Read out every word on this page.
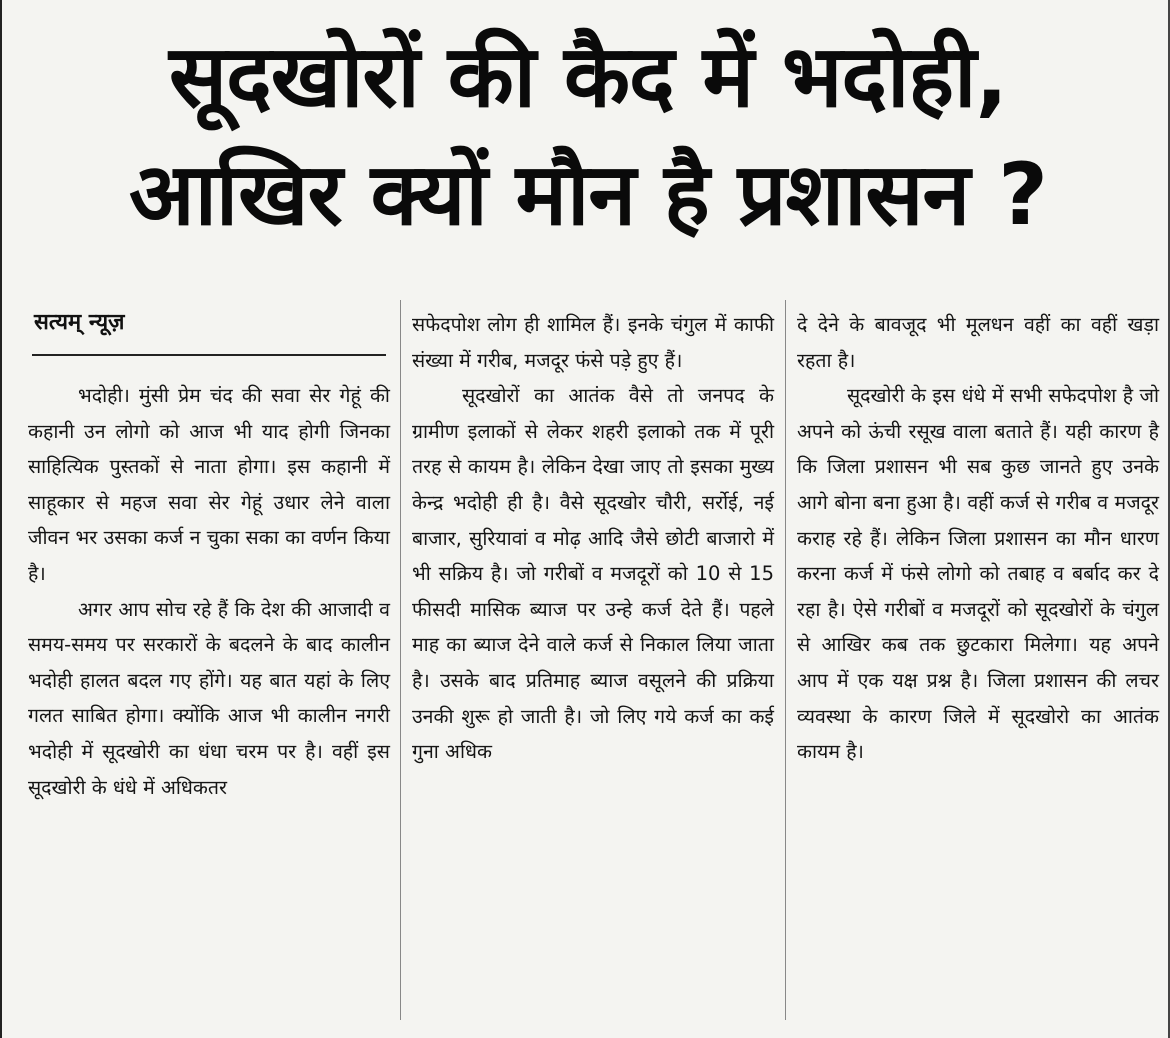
सूदखोरों की कैद में भदोही,
आखिर क्यों मौन है प्रशासन ?
सत्यम् न्यूज़

भदोही। मुंसी प्रेम चंद की सवा सेर गेहूं की कहानी उन लोगो को आज भी याद होगी जिनका साहित्यिक पुस्तकों से नाता होगा। इस कहानी में साहूकार से महज सवा सेर गेहूं उधार लेने वाला जीवन भर उसका कर्ज न चुका सका का वर्णन किया है।

अगर आप सोच रहे हैं कि देश की आजादी व समय-समय पर सरकारों के बदलने के बाद कालीन भदोही हालत बदल गए होंगे। यह बात यहां के लिए गलत साबित होगा। क्योंकि आज भी कालीन नगरी भदोही में सूदखोरी का धंधा चरम पर है। वहीं इस सूदखोरी के धंधे में अधिकतर

सफेदपोश लोग ही शामिल हैं। इनके चंगुल में काफी संख्या में गरीब, मजदूर फंसे पड़े हुए हैं।

सूदखोरों का आतंक वैसे तो जनपद के ग्रामीण इलाकों से लेकर शहरी इलाको तक में पूरी तरह से कायम है। लेकिन देखा जाए तो इसका मुख्य केन्द्र भदोही ही है। वैसे सूदखोर चौरी, सर्रोई, नई बाजार, सुरियावां व मोढ़ आदि जैसे छोटी बाजारो में भी सक्रिय है। जो गरीबों व मजदूरों को 10 से 15 फीसदी मासिक ब्याज पर उन्हे कर्ज देते हैं। पहले माह का ब्याज देने वाले कर्ज से निकाल लिया जाता है। उसके बाद प्रतिमाह ब्याज वसूलने की प्रक्रिया उनकी शुरू हो जाती है। जो लिए गये कर्ज का कई गुना अधिक

दे देने के बावजूद भी मूलधन वहीं का वहीं खड़ा रहता है।

सूदखोरी के इस धंधे में सभी सफेदपोश है जो अपने को ऊंची रसूख वाला बताते हैं। यही कारण है कि जिला प्रशासन भी सब कुछ जानते हुए उनके आगे बोना बना हुआ है। वहीं कर्ज से गरीब व मजदूर कराह रहे हैं। लेकिन जिला प्रशासन का मौन धारण करना कर्ज में फंसे लोगो को तबाह व बर्बाद कर दे रहा है। ऐसे गरीबों व मजदूरों को सूदखोरों के चंगुल से आखिर कब तक छुटकारा मिलेगा। यह अपने आप में एक यक्ष प्रश्न है। जिला प्रशासन की लचर व्यवस्था के कारण जिले में सूदखोरो का आतंक कायम है।
